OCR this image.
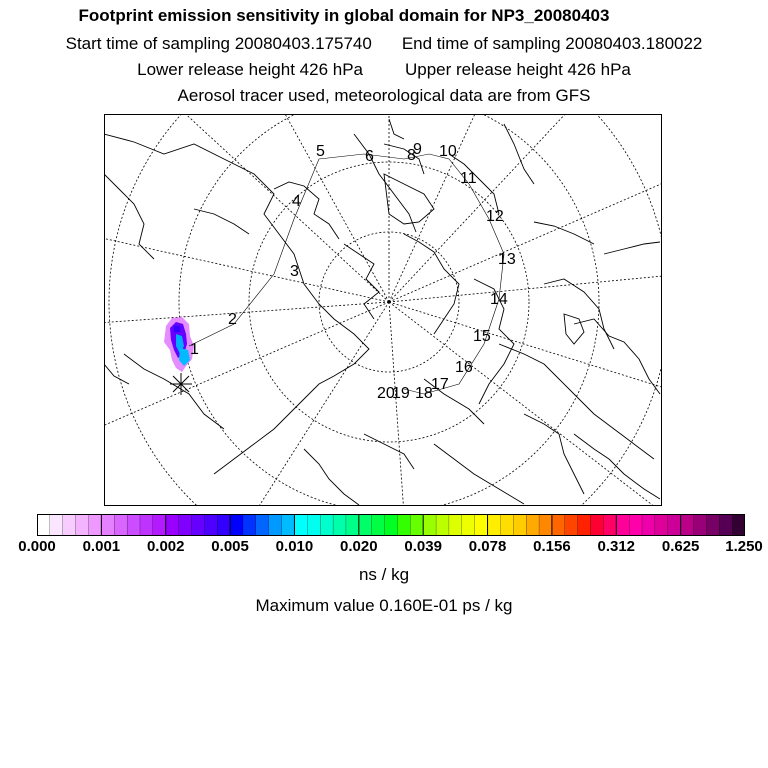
Footprint emission sensitivity in global domain for NP3_20080403
Start time of sampling 20080403.175740 End time of sampling 20080403.180022
Lower release height 426 hPa Upper release height 426 hPa
Aerosol tracer used, meteorological data are from GFS
1
2
3
4
5	6 8
9 10
11
12
13
14
15
16
17
18
19
20
0.000 0.001 0.002 0.005 0.010 0.020 0.039 0.078 0.156 0.312 0.625 1.250
ns / kg
Maximum value 0.160E-01 ps / kg
